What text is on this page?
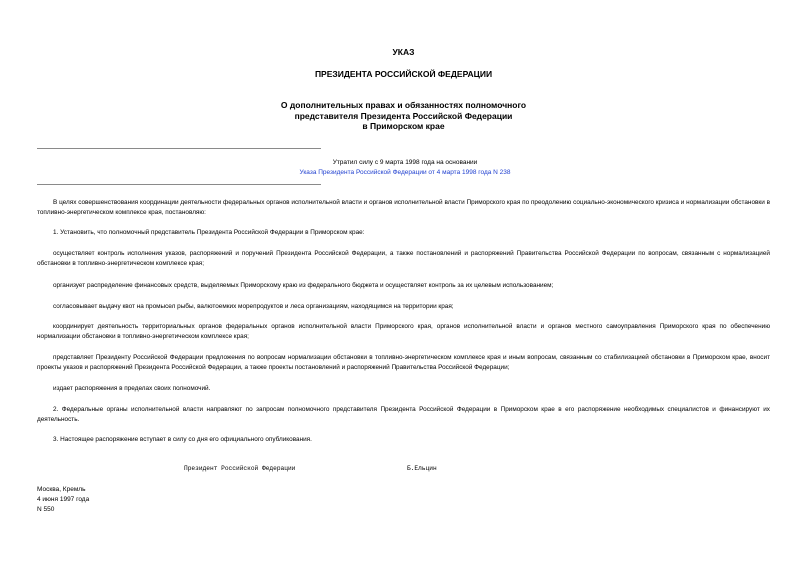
УКАЗ
ПРЕЗИДЕНТА РОССИЙСКОЙ ФЕДЕРАЦИИ
О дополнительных правах и обязанностях полномочного
представителя Президента Российской Федерации
в Приморском крае
Утратил силу с 9 марта 1998 года на основании
Указа Президента Российской Федерации от 4 марта 1998 года N 238

В целях совершенствования координации деятельности федеральных органов исполнительной власти и органов исполнительной власти Приморского края по преодолению социально-экономического кризиса и нормализации обстановки в топливно-энергетическом комплексе края, постановляю:

1. Установить, что полномочный представитель Президента Российской Федерации в Приморском крае:

осуществляет контроль исполнения указов, распоряжений и поручений Президента Российской Федерации, а также постановлений и распоряжений Правительства Российской Федерации по вопросам, связанным с нормализацией обстановки в топливно-энергетическом комплексе края;

организует распределение финансовых средств, выделяемых Приморскому краю из федерального бюджета и осуществляет контроль за их целевым использованием;

согласовывает выдачу квот на промысел рыбы, валютоемких морепродуктов и леса организациям, находящимся на территории края;

координирует деятельность территориальных органов федеральных органов исполнительной власти Приморского края, органов исполнительной власти и органов местного самоуправления Приморского края по обеспечению нормализации обстановки в топливно-энергетическом комплексе края;

представляет Президенту Российской Федерации предложения по вопросам нормализации обстановки в топливно-энергетическом комплексе края и иным вопросам, связанным со стабилизацией обстановки в Приморском крае, вносит проекты указов и распоряжений Президента Российской Федерации, а также проекты постановлений и распоряжений Правительства Российской Федерации;

издает распоряжения в пределах своих полномочий.

2. Федеральные органы исполнительной власти направляют по запросам полномочного представителя Президента Российской Федерации в Приморском крае в его распоряжение необходимых специалистов и финансируют их деятельность.

3. Настоящее распоряжение вступает в силу со дня его официального опубликования.

Президент Российской Федерации	Б.Ельцин
Москва, Кремль
4 июня 1997 года
N 550
